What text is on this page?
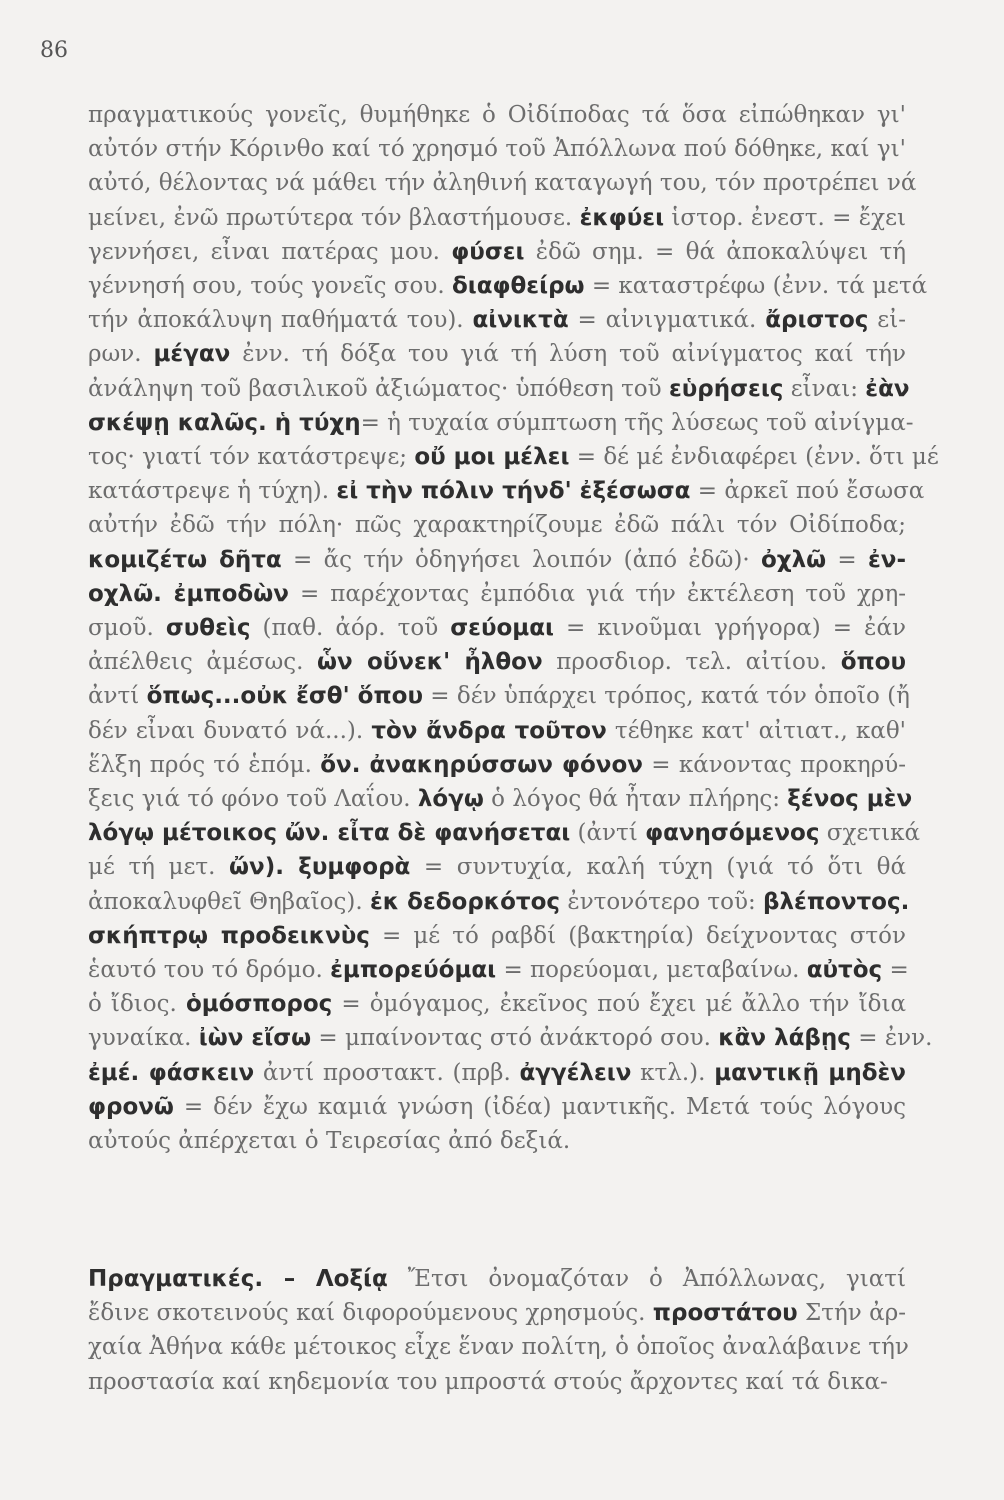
86
πραγματικούς γονεῖς, θυμήθηκε ὁ Οἰδίποδας τά ὅσα εἰπώθηκαν γι'
αὐτόν στήν Κόρινθο καί τό χρησμό τοῦ Ἀπόλλωνα πού δόθηκε, καί γι'
αὐτό, θέλοντας νά μάθει τήν ἀληθινή καταγωγή του, τόν προτρέπει νά
μείνει, ἐνῶ πρωτύτερα τόν βλαστήμουσε. ἐκφύει ἱστορ. ἐνεστ. = ἔχει
γεννήσει, εἶναι πατέρας μου. φύσει ἐδῶ σημ. = θά ἀποκαλύψει τή
γέννησή σου, τούς γονεῖς σου. διαφθείρω = καταστρέφω (ἐνν. τά μετά
τήν ἀποκάλυψη παθήματά του). αἰνικτὰ = αἰνιγματικά. ἄριστος εἰ-
ρων. μέγαν ἐνν. τή δόξα του γιά τή λύση τοῦ αἰνίγματος καί τήν
ἀνάληψη τοῦ βασιλικοῦ ἀξιώματος· ὑπόθεση τοῦ εὑρήσεις εἶναι: ἐὰν
σκέψῃ καλῶς. ἡ τύχη= ἡ τυχαία σύμπτωση τῆς λύσεως τοῦ αἰνίγμα-
τος· γιατί τόν κατάστρεψε; οὔ μοι μέλει = δέ μέ ἐνδιαφέρει (ἐνν. ὅτι μέ
κατάστρεψε ἡ τύχη). εἰ τὴν πόλιν τήνδ' ἐξέσωσα = ἀρκεῖ πού ἔσωσα
αὐτήν ἐδῶ τήν πόλη· πῶς χαρακτηρίζουμε ἐδῶ πάλι τόν Οἰδίποδα;
κομιζέτω δῆτα = ἄς τήν ὁδηγήσει λοιπόν (ἀπό ἐδῶ)· ὀχλῶ = ἐν-
οχλῶ. ἐμποδὼν = παρέχοντας ἐμπόδια γιά τήν ἐκτέλεση τοῦ χρη-
σμοῦ. συθεὶς (παθ. ἀόρ. τοῦ σεύομαι = κινοῦμαι γρήγορα) = ἐάν
ἀπέλθεις ἀμέσως. ὧν οὕνεκ' ἦλθον προσδιορ. τελ. αἰτίου. ὅπου
ἀντί ὅπως...οὐκ ἔσθ' ὅπου = δέν ὑπάρχει τρόπος, κατά τόν ὁποῖο (ἤ
δέν εἶναι δυνατό νά...). τὸν ἄνδρα τοῦτον τέθηκε κατ' αἰτιατ., καθ'
ἕλξη πρός τό ἑπόμ. ὄν. ἀνακηρύσσων φόνον = κάνοντας προκηρύ-
ξεις γιά τό φόνο τοῦ Λαΐου. λόγῳ ὁ λόγος θά ἦταν πλήρης: ξένος μὲν
λόγῳ μέτοικος ὤν. εἶτα δὲ φανήσεται (ἀντί φανησόμενος σχετικά
μέ τή μετ. ὤν). ξυμφορὰ = συντυχία, καλή τύχη (γιά τό ὅτι θά
ἀποκαλυφθεῖ Θηβαῖος). ἐκ δεδορκότος ἐντονότερο τοῦ: βλέποντος.
σκήπτρῳ προδεικνὺς = μέ τό ραβδί (βακτηρία) δείχνοντας στόν
ἑαυτό του τό δρόμο. ἐμπορεύόμαι = πορεύομαι, μεταβαίνω. αὐτὸς =
ὁ ἴδιος. ὁμόσπορος = ὁμόγαμος, ἐκεῖνος πού ἔχει μέ ἄλλο τήν ἴδια
γυναίκα. ἰὼν εἴσω = μπαίνοντας στό ἀνάκτορό σου. κἂν λάβῃς = ἐνν.
ἐμέ. φάσκειν ἀντί προστακτ. (πρβ. ἀγγέλειν κτλ.). μαντικῇ μηδὲν
φρονῶ = δέν ἔχω καμιά γνώση (ἰδέα) μαντικῆς. Μετά τούς λόγους
αὐτούς ἀπέρχεται ὁ Τειρεσίας ἀπό δεξιά.
Πραγματικές. – Λοξίᾳ Ἔτσι ὀνομαζόταν ὁ Ἀπόλλωνας, γιατί
ἔδινε σκοτεινούς καί διφορούμενους χρησμούς. προστάτου Στήν ἀρ-
χαία Ἀθήνα κάθε μέτοικος εἶχε ἕναν πολίτη, ὁ ὁποῖος ἀναλάβαινε τήν
προστασία καί κηδεμονία του μπροστά στούς ἄρχοντες καί τά δικα-
